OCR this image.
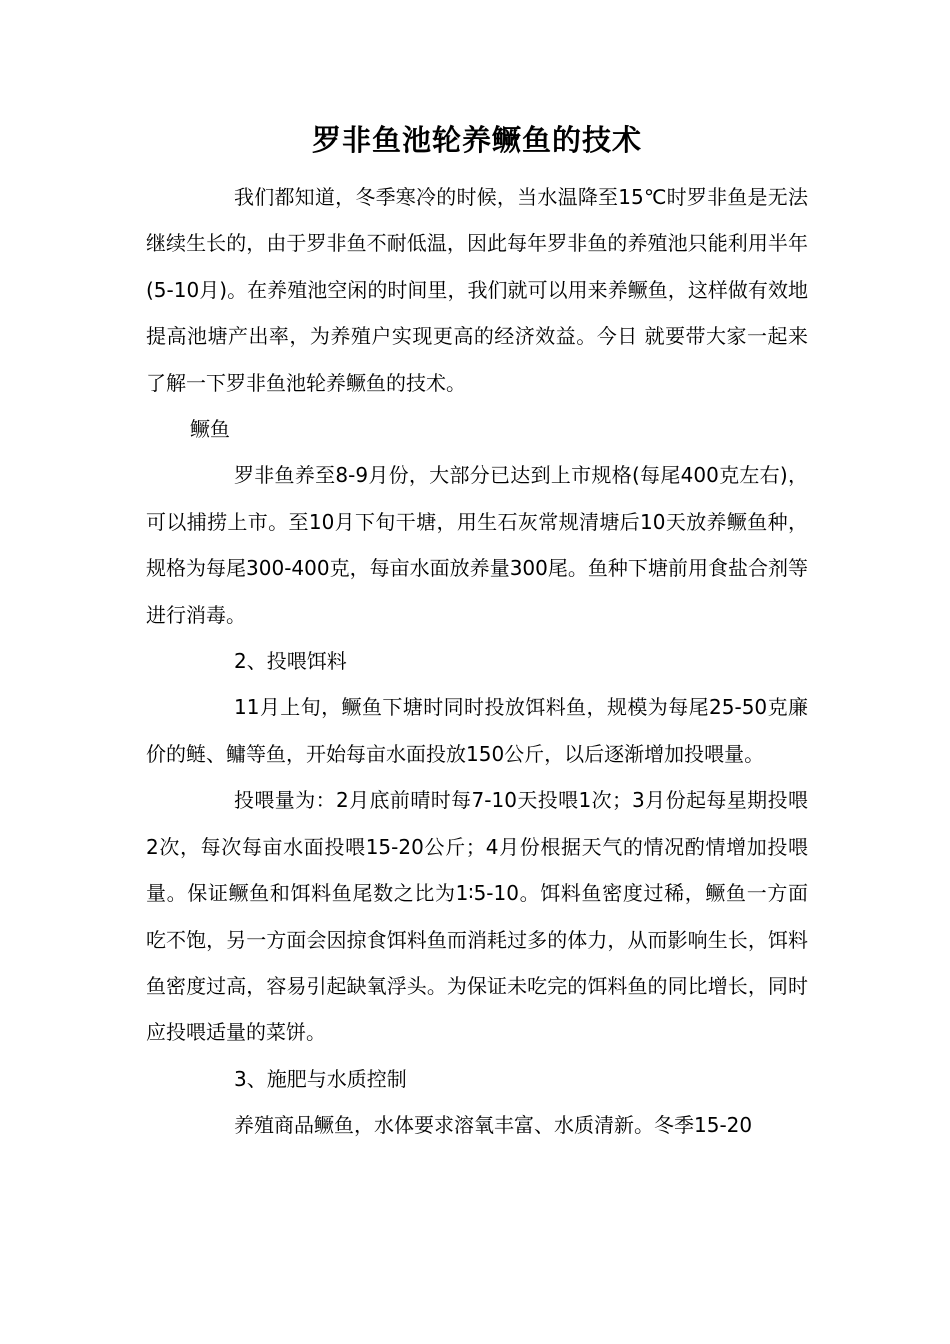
罗非鱼池轮养鳜鱼的技术

我们都知道，冬季寒冷的时候，当水温降至15℃时罗非鱼是无法继续生长的，由于罗非鱼不耐低温，因此每年罗非鱼的养殖池只能利用半年(5-10月)。在养殖池空闲的时间里，我们就可以用来养鳜鱼，这样做有效地提高池塘产出率，为养殖户实现更高的经济效益。今日 就要带大家一起来了解一下罗非鱼池轮养鳜鱼的技术。

鳜鱼

罗非鱼养至8-9月份，大部分已达到上市规格(每尾400克左右)，可以捕捞上市。至10月下旬干塘，用生石灰常规清塘后10天放养鳜鱼种，规格为每尾300-400克，每亩水面放养量300尾。鱼种下塘前用食盐合剂等进行消毒。

2、投喂饵料

11月上旬，鳜鱼下塘时同时投放饵料鱼，规模为每尾25-50克廉价的鲢、鳙等鱼，开始每亩水面投放150公斤，以后逐渐增加投喂量。

投喂量为：2月底前晴时每7-10天投喂1次；3月份起每星期投喂2次，每次每亩水面投喂15-20公斤；4月份根据天气的情况酌情增加投喂量。保证鳜鱼和饵料鱼尾数之比为1∶5-10。饵料鱼密度过稀，鳜鱼一方面吃不饱，另一方面会因掠食饵料鱼而消耗过多的体力，从而影响生长，饵料鱼密度过高，容易引起缺氧浮头。为保证未吃完的饵料鱼的同比增长，同时应投喂适量的菜饼。

3、施肥与水质控制

养殖商品鳜鱼，水体要求溶氧丰富、水质清新。冬季15-20
